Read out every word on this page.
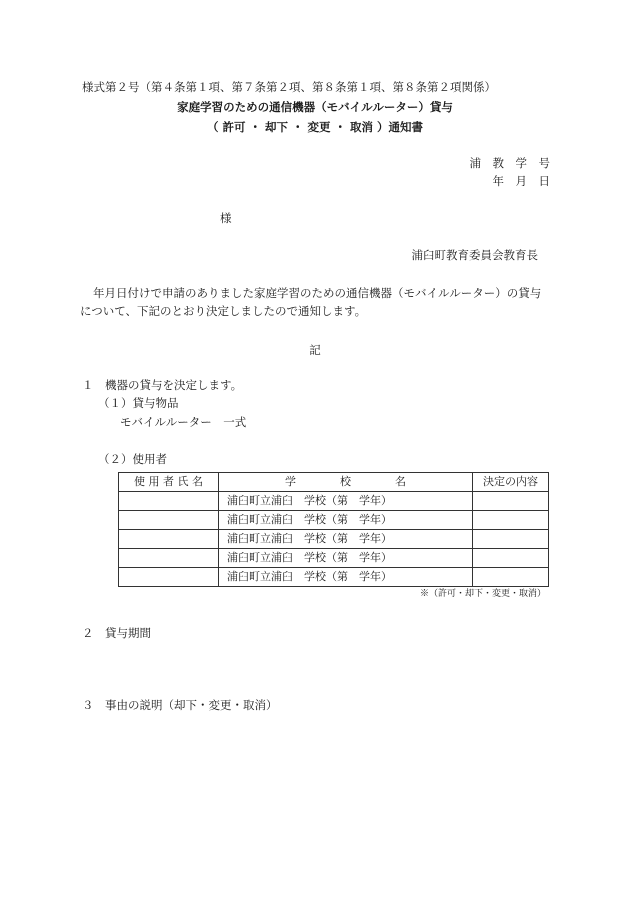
様式第２号（第４条第１項、第７条第２項、第８条第１項、第８条第２項関係）
家庭学習のための通信機器（モバイルルーター）貸与
（ 許可 ・ 却下 ・ 変更 ・ 取消 ）通知書
浦　教　学　号
年　月　日
様
浦臼町教育委員会教育長
年月日付けで申請のありました家庭学習のための通信機器（モバイルルーター）の貸与
について、下記のとおり決定しましたので通知します。
記
１　機器の貸与を決定します。
（１）貸与物品
モバイルルーター　一式
（２）使用者
使 用 者 氏 名	学　　　　校　　　　名	決定の内容
	浦臼町立浦臼　学校（第　学年）	
	浦臼町立浦臼　学校（第　学年）	
	浦臼町立浦臼　学校（第　学年）	
	浦臼町立浦臼　学校（第　学年）	
	浦臼町立浦臼　学校（第　学年）	
※（許可・却下・変更・取消）
２　貸与期間
３　事由の説明（却下・変更・取消）
